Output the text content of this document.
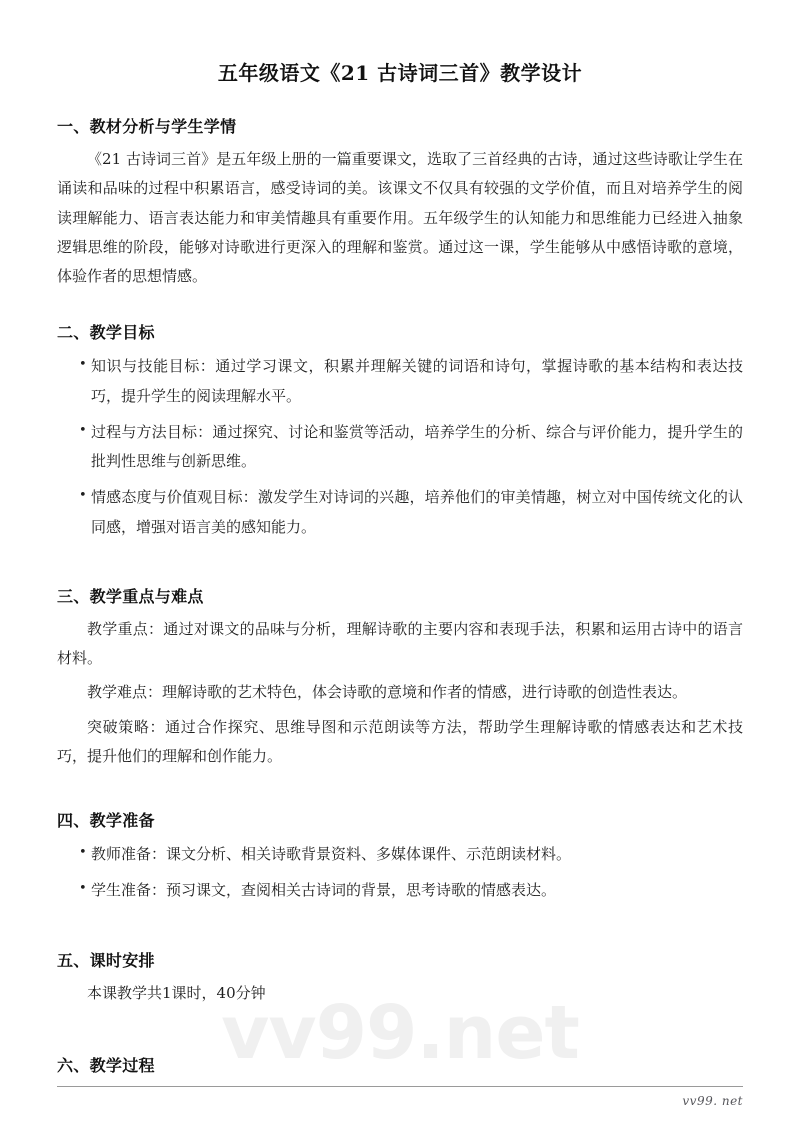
vv99.net
五年级语文《21 古诗词三首》教学设计
一、教材分析与学生学情

《21 古诗词三首》是五年级上册的一篇重要课文，选取了三首经典的古诗，通过这些诗歌让学生在诵读和品味的过程中积累语言，感受诗词的美。该课文不仅具有较强的文学价值，而且对培养学生的阅读理解能力、语言表达能力和审美情趣具有重要作用。五年级学生的认知能力和思维能力已经进入抽象逻辑思维的阶段，能够对诗歌进行更深入的理解和鉴赏。通过这一课，学生能够从中感悟诗歌的意境，体验作者的思想情感。

二、教学目标
• 知识与技能目标：通过学习课文，积累并理解关键的词语和诗句，掌握诗歌的基本结构和表达技巧，提升学生的阅读理解水平。
• 过程与方法目标：通过探究、讨论和鉴赏等活动，培养学生的分析、综合与评价能力，提升学生的批判性思维与创新思维。
• 情感态度与价值观目标：激发学生对诗词的兴趣，培养他们的审美情趣，树立对中国传统文化的认同感，增强对语言美的感知能力。
三、教学重点与难点

教学重点：通过对课文的品味与分析，理解诗歌的主要内容和表现手法，积累和运用古诗中的语言材料。

教学难点：理解诗歌的艺术特色，体会诗歌的意境和作者的情感，进行诗歌的创造性表达。

突破策略：通过合作探究、思维导图和示范朗读等方法，帮助学生理解诗歌的情感表达和艺术技巧，提升他们的理解和创作能力。

四、教学准备
• 教师准备：课文分析、相关诗歌背景资料、多媒体课件、示范朗读材料。
• 学生准备：预习课文，查阅相关古诗词的背景，思考诗歌的情感表达。
五、课时安排

本课教学共1课时，40分钟

六、教学过程
vv99. net
